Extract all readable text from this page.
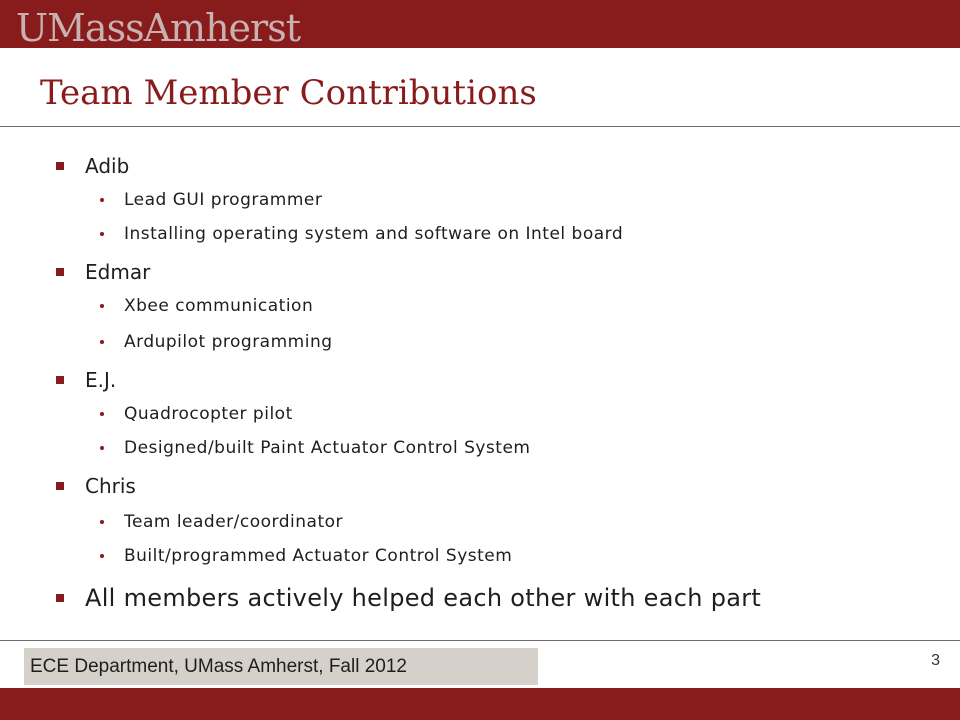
UMassAmherst
Team Member Contributions
Adib
Lead GUI programmer
Installing operating system and software on Intel board
Edmar
Xbee communication
Ardupilot programming
E.J.
Quadrocopter pilot
Designed/built Paint Actuator Control System
Chris
Team leader/coordinator
Built/programmed Actuator Control System
All members actively helped each other with each part
ECE Department, UMass Amherst, Fall 2012	3
